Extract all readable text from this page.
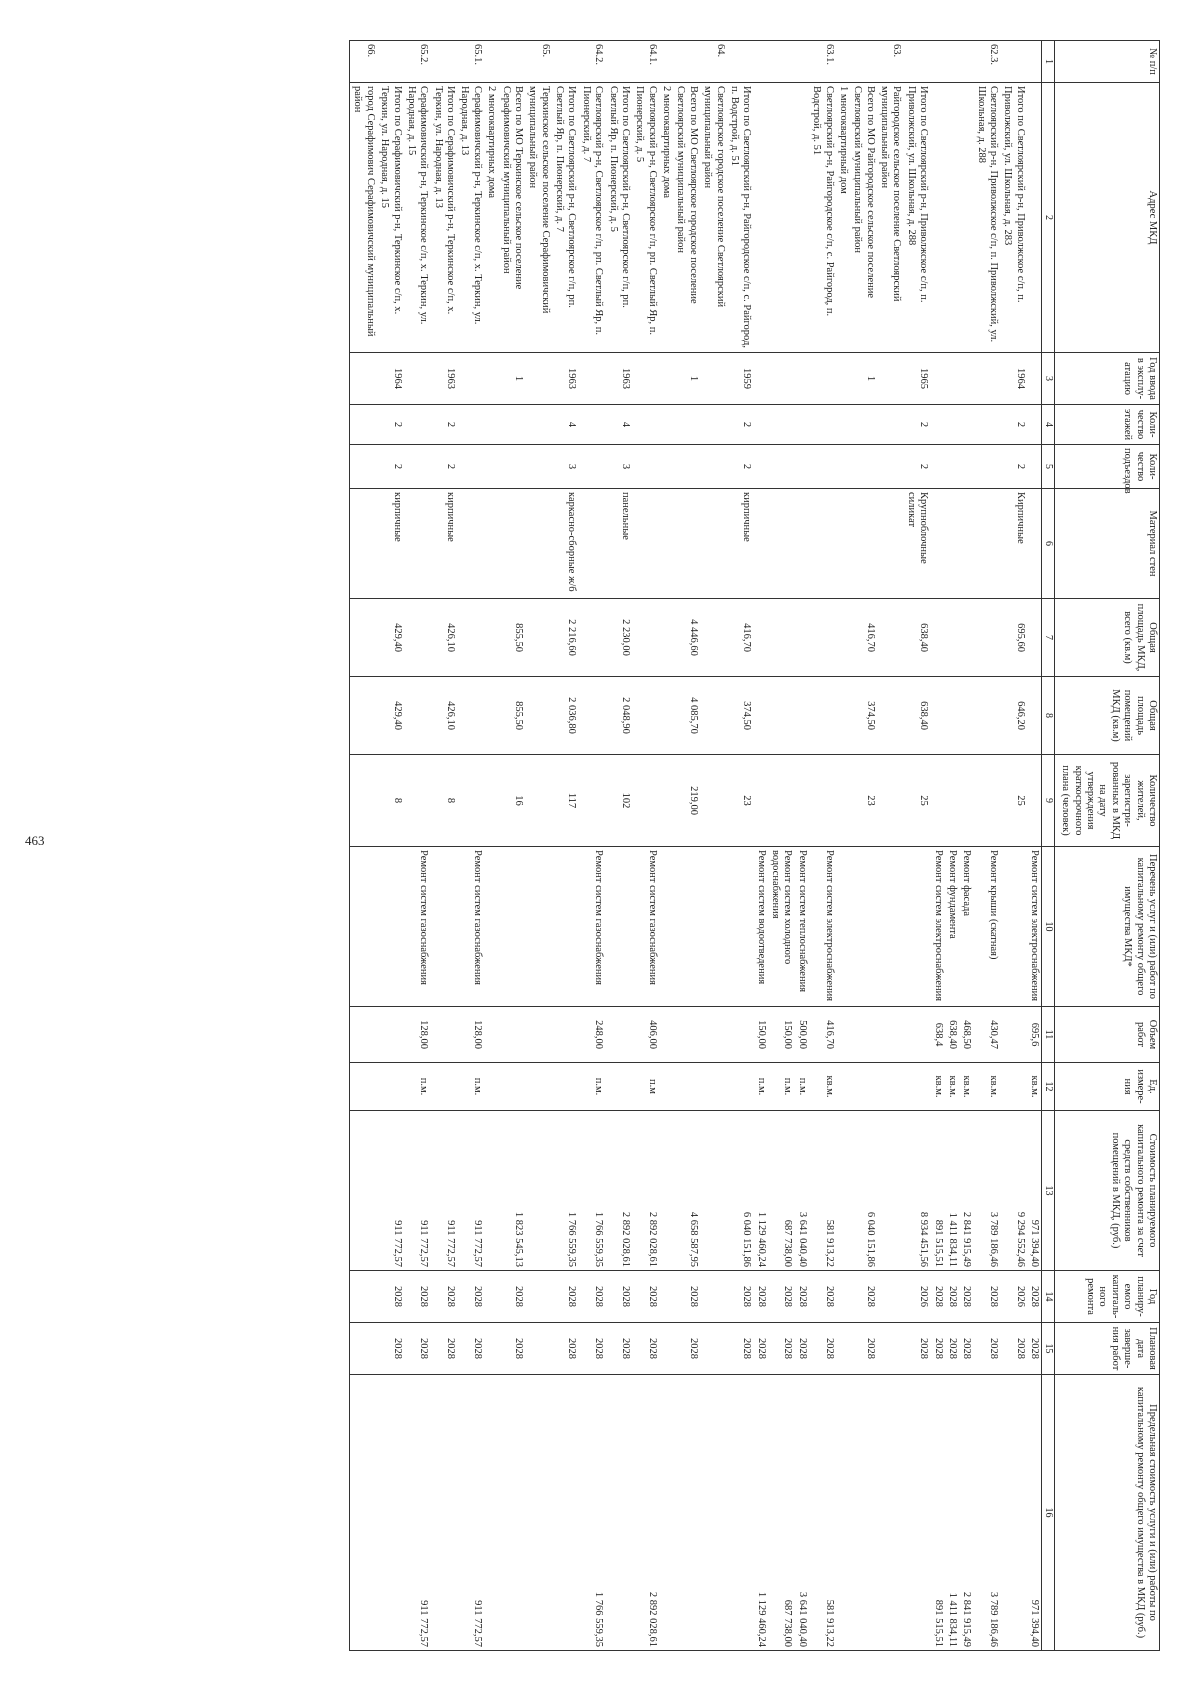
463
№ п/п	Адрес МКД	Год ввода в эксплу-атацию	Коли-чество этажей	Коли-чество подъездов	Материал стен	Общая площадь МКД, всего (кв.м)	Общая площадь помещений МКД (кв.м)	Количество жителей, зарегистри-рованных в МКД на дату утверждения краткосрочного плана (человек)	Перечень услуг и (или) работ по капитальному ремонту общего имущества МКД*	Объем работ	Ед. измере-ния	Стоимость планируемого капитального ремонта за счет средств собственников помещений в МКД, (руб.)	Год планиру-емого капиталь-ного ремонта	Плановая дата заверше-ния работ	Предельная стоимость услуги и (или) работы по капитальному ремонту общего имущества в МКД (руб.)
1	2	3	4	5	6	7	8	9	10	11	12	13	14	15	16
									Ремонт систем электроснабжения	695,6	кв.м.	971 394,40	2028	2028	971 394,40
	Итого по Светлоярский р-н, Приволжское с/п, п. Приволжский, ул. Школьная, д. 283	1964	2	2	Кирпичные	695,60	646,20	25				9 294 552,46	2026	2028	
62.3.	Светлоярский р-н, Приволжское с/п, п. Приволжский, ул. Школьная, д. 288								Ремонт крыши (скатная)	430,47	кв.м.	3 789 186,46	2028	2028	3 789 186,46
									Ремонт фасада	468,50	кв.м.	2 841 915,49	2028	2028	2 841 915,49
									Ремонт фундамента	638,40	кв.м.	1 411 834,11	2028	2028	1 411 834,11
									Ремонт систем электроснабжения	638,4	кв.м.	891 515,51	2028	2028	891 515,51
	Итого по Светлоярский р-н, Приволжское с/п, п. Приволжский, ул. Школьная, д. 288	1965	2	2	Крупноблочные силикат	638,40	638,40	25				8 934 451,56	2026	2028	
63.	Райгородское сельское поселение Светлоярский муниципальный район														
	Всего по МО Райгородское сельское поселение Светлоярский муниципальный район	1				416,70	374,50	23				6 040 151,86	2028	2028	
	1 многоквартирный дом														
63.1.	Светлоярский р-н, Райгородское с/п, с. Райгород, п. Водстрой, д. 51								Ремонт систем электроснабжения	416,70	кв.м.	581 913,22	2028	2028	581 913,22
									Ремонт систем теплоснабжения	500,00	п.м.	3 641 040,40	2028	2028	3 641 040,40
									Ремонт систем холодного водоснабжения	150,00	п.м.	687 738,00	2028	2028	687 738,00
									Ремонт систем водоотведения	150,00	п.м.	1 129 460,24	2028	2028	1 129 460,24
	Итого по Светлоярский р-н, Райгородское с/п, с. Райгород, п. Водстрой, д. 51	1959	2	2	кирпичные	416,70	374,50	23				6 040 151,86	2028	2028	
64.	Светлоярское городское поселение Светлоярский муниципальный район														
	Всего по МО Светлоярское городское поселение Светлоярский муниципальный район	1				4 446,60	4 085,70	219,00				4 658 587,95	2028	2028	
	2 многоквартирных дома														
64.1.	Светлоярский р-н, Светлоярское г/п, рп. Светлый Яр, п. Пионерский, д. 5								Ремонт систем газоснабжения	406,00	п.м	2 892 028,61	2028	2028	2 892 028,61
	Итого по Светлоярский р-н, Светлоярское г/п, рп. Светлый Яр, п. Пионерский, д. 5	1963	4	3	панельные	2 230,00	2 048,90	102				2 892 028,61	2028	2028	
64.2.	Светлоярский р-н, Светлоярское г/п, рп. Светлый Яр, п. Пионерский, д. 7								Ремонт систем газоснабжения	248,00	п.м.	1 766 559,35	2028	2028	1 766 559,35
	Итого по Светлоярский р-н, Светлоярское г/п, рп. Светлый Яр, п. Пионерский, д. 7	1963	4	3	каркасно-сборные ж/б	2 216,60	2 036,80	117				1 766 559,35	2028	2028	
65.	Теркинское сельское поселение Серафимовичский муниципальный район														
	Всего по МО Теркинское сельское поселение Серафимовичский муниципальный район	1				855,50	855,50	16				1 823 545,13	2028	2028	
	2 многоквартирных дома														
65.1.	Серафимовичский р-н, Теркинское с/п, х. Теркин, ул. Народная, д. 13								Ремонт систем газоснабжения	128,00	п.м.	911 772,57	2028	2028	911 772,57
	Итого по Серафимовичский р-н, Теркинское с/п, х. Теркин, ул. Народная, д. 13	1963	2	2	кирпичные	426,10	426,10	8				911 772,57	2028	2028	
65.2.	Серафимовичский р-н, Теркинское с/п, х. Теркин, ул. Народная, д. 15								Ремонт систем газоснабжения	128,00	п.м.	911 772,57	2028	2028	911 772,57
	Итого по Серафимовичский р-н, Теркинское с/п, х. Теркин, ул. Народная, д. 15	1964	2	2	кирпичные	429,40	429,40	8				911 772,57	2028	2028	
66.	город Серафимович Серафимовичский муниципальный район														
